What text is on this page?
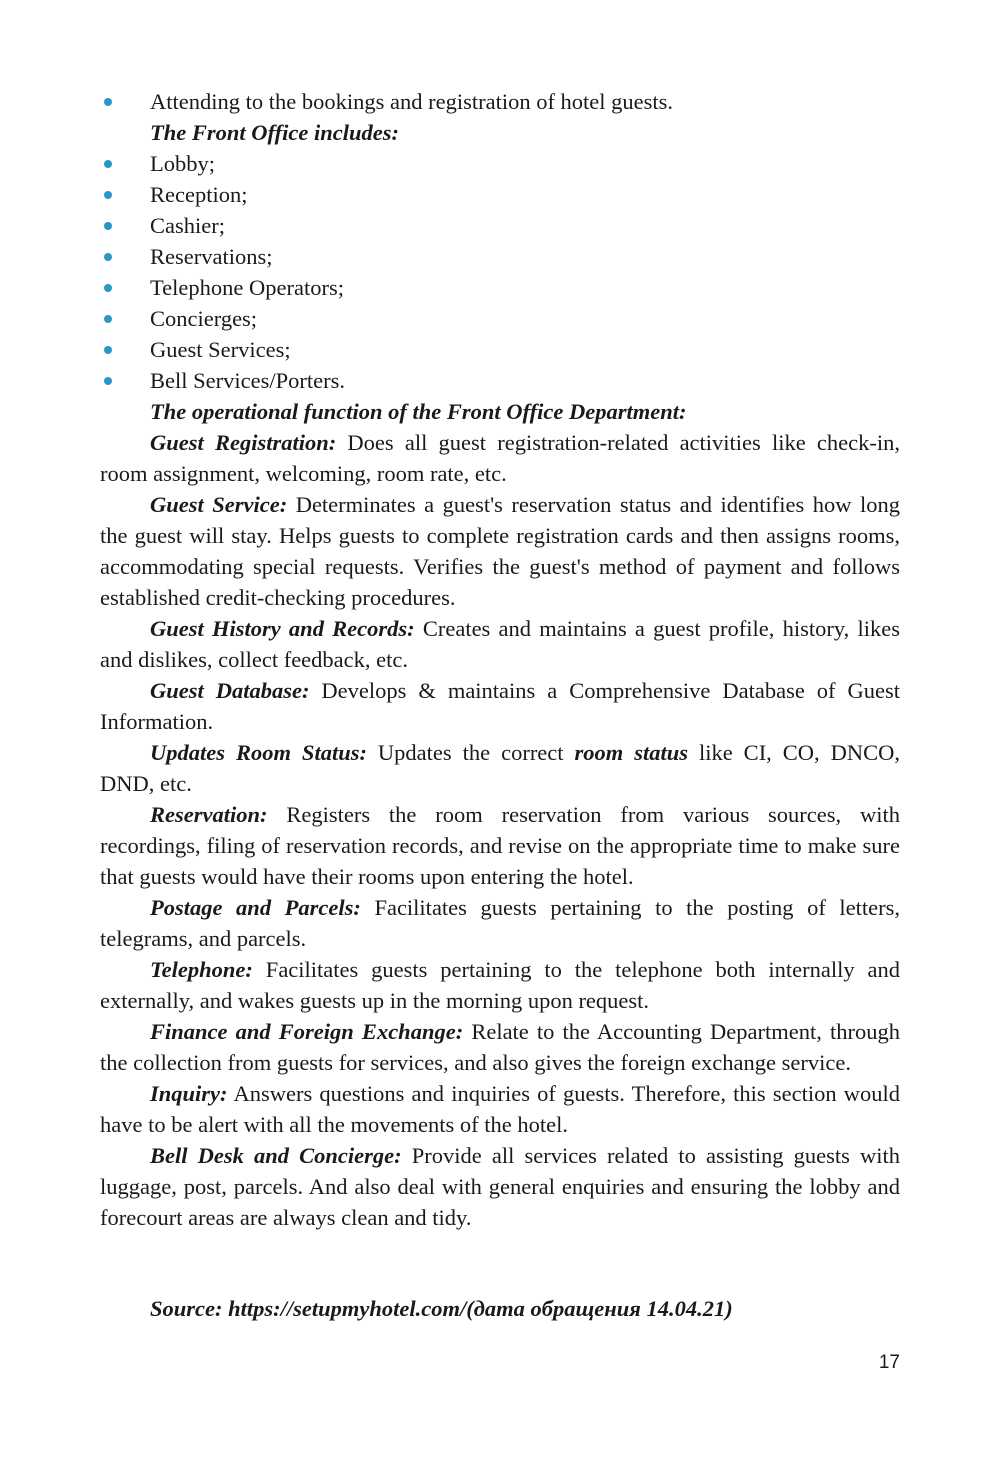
Attending to the bookings and registration of hotel guests.
The Front Office includes:
Lobby;
Reception;
Cashier;
Reservations;
Telephone Operators;
Concierges;
Guest Services;
Bell Services/Porters.
The operational function of the Front Office Department:

Guest Registration: Does all guest registration-related activities like check-in, room assignment, welcoming, room rate, etc.

Guest Service: Determinates a guest's reservation status and identifies how long the guest will stay. Helps guests to complete registration cards and then assigns rooms, accommodating special requests. Verifies the guest's method of payment and follows established credit-checking procedures.

Guest History and Records: Creates and maintains a guest profile, history, likes and dislikes, collect feedback, etc.

Guest Database: Develops & maintains a Comprehensive Database of Guest Information.

Updates Room Status: Updates the correct room status like CI, CO, DNCO, DND, etc.

Reservation: Registers the room reservation from various sources, with recordings, filing of reservation records, and revise on the appropriate time to make sure that guests would have their rooms upon entering the hotel.

Postage and Parcels: Facilitates guests pertaining to the posting of letters, telegrams, and parcels.

Telephone: Facilitates guests pertaining to the telephone both internally and externally, and wakes guests up in the morning upon request.

Finance and Foreign Exchange: Relate to the Accounting Department, through the collection from guests for services, and also gives the foreign exchange service.

Inquiry: Answers questions and inquiries of guests. Therefore, this section would have to be alert with all the movements of the hotel.

Bell Desk and Concierge: Provide all services related to assisting guests with luggage, post, parcels. And also deal with general enquiries and ensuring the lobby and forecourt areas are always clean and tidy.

Source: https://setupmyhotel.com/(дата обращения 14.04.21)
17
